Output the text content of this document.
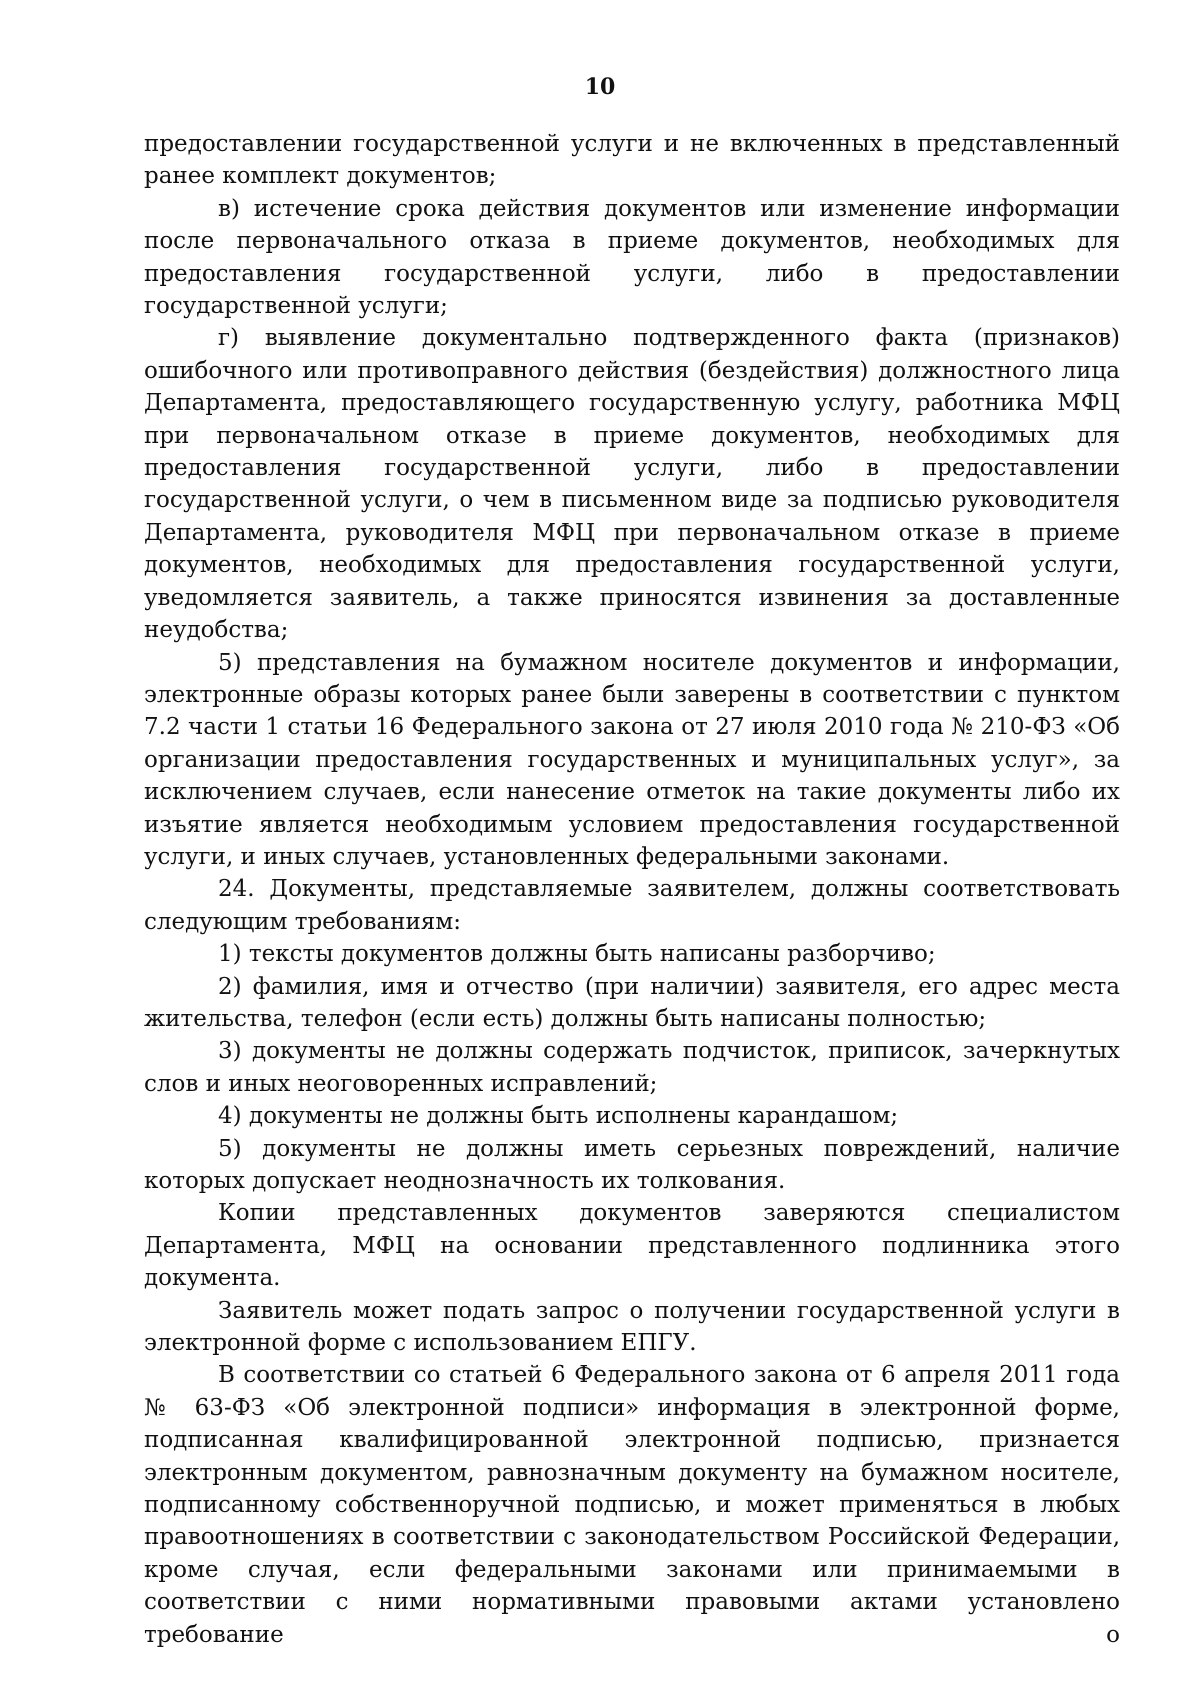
10

предоставлении государственной услуги и не включенных в представленный ранее комплект документов;

в) истечение срока действия документов или изменение информации после первоначального отказа в приеме документов, необходимых для предоставления государственной услуги, либо в предоставлении государственной услуги;

г) выявление документально подтвержденного факта (признаков) ошибочного или противоправного действия (бездействия) должностного лица Департамента, предоставляющего государственную услугу, работника МФЦ при первоначальном отказе в приеме документов, необходимых для предоставления государственной услуги, либо в предоставлении государственной услуги, о чем в письменном виде за подписью руководителя Департамента, руководителя МФЦ при первоначальном отказе в приеме документов, необходимых для предоставления государственной услуги, уведомляется заявитель, а также приносятся извинения за доставленные неудобства;

5) представления на бумажном носителе документов и информации, электронные образы которых ранее были заверены в соответствии с пунктом 7.2 части 1 статьи 16 Федерального закона от 27 июля 2010 года № 210-ФЗ «Об организации предоставления государственных и муниципальных услуг», за исключением случаев, если нанесение отметок на такие документы либо их изъятие является необходимым условием предоставления государственной услуги, и иных случаев, установленных федеральными законами.

24. Документы, представляемые заявителем, должны соответствовать следующим требованиям:

1) тексты документов должны быть написаны разборчиво;

2) фамилия, имя и отчество (при наличии) заявителя, его адрес места жительства, телефон (если есть) должны быть написаны полностью;

3) документы не должны содержать подчисток, приписок, зачеркнутых слов и иных неоговоренных исправлений;

4) документы не должны быть исполнены карандашом;

5) документы не должны иметь серьезных повреждений, наличие которых допускает неоднозначность их толкования.

Копии представленных документов заверяются специалистом Департамента, МФЦ на основании представленного подлинника этого документа.

Заявитель может подать запрос о получении государственной услуги в электронной форме с использованием ЕПГУ.

В соответствии со статьей 6 Федерального закона от 6 апреля 2011 года № 63-ФЗ «Об электронной подписи» информация в электронной форме, подписанная квалифицированной электронной подписью, признается электронным документом, равнозначным документу на бумажном носителе, подписанному собственноручной подписью, и может применяться в любых правоотношениях в соответствии с законодательством Российской Федерации, кроме случая, если федеральными законами или принимаемыми в соответствии с ними нормативными правовыми актами установлено требование о
